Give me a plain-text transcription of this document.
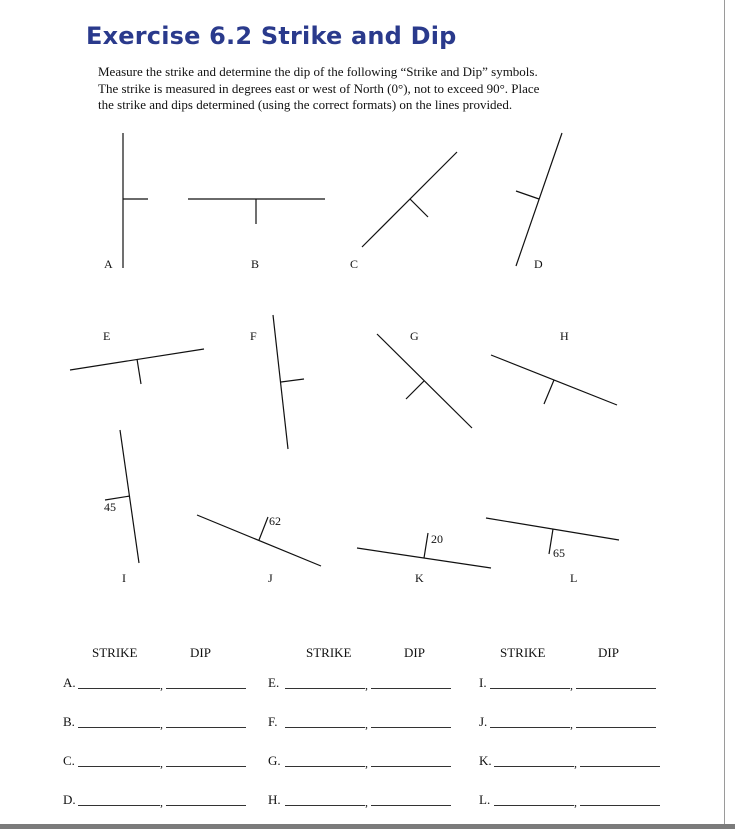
Exercise 6.2 Strike and Dip
Measure the strike and determine the dip of the following “Strike and Dip” symbols.
The strike is measured in degrees east or west of North (0°), not to exceed 90°. Place
the strike and dips determined (using the correct formats) on the lines provided.
A	B	C	D
E	F	G	H
I	J	K	L
45
62
20
65
STRIKE	DIP	STRIKE	DIP	STRIKE	DIP
A.	,	E.	,	I.	,
B.	,	F.	,	J.	,
C.	,	G.	,	K.	,
D.	,	H.	,	L.	,
